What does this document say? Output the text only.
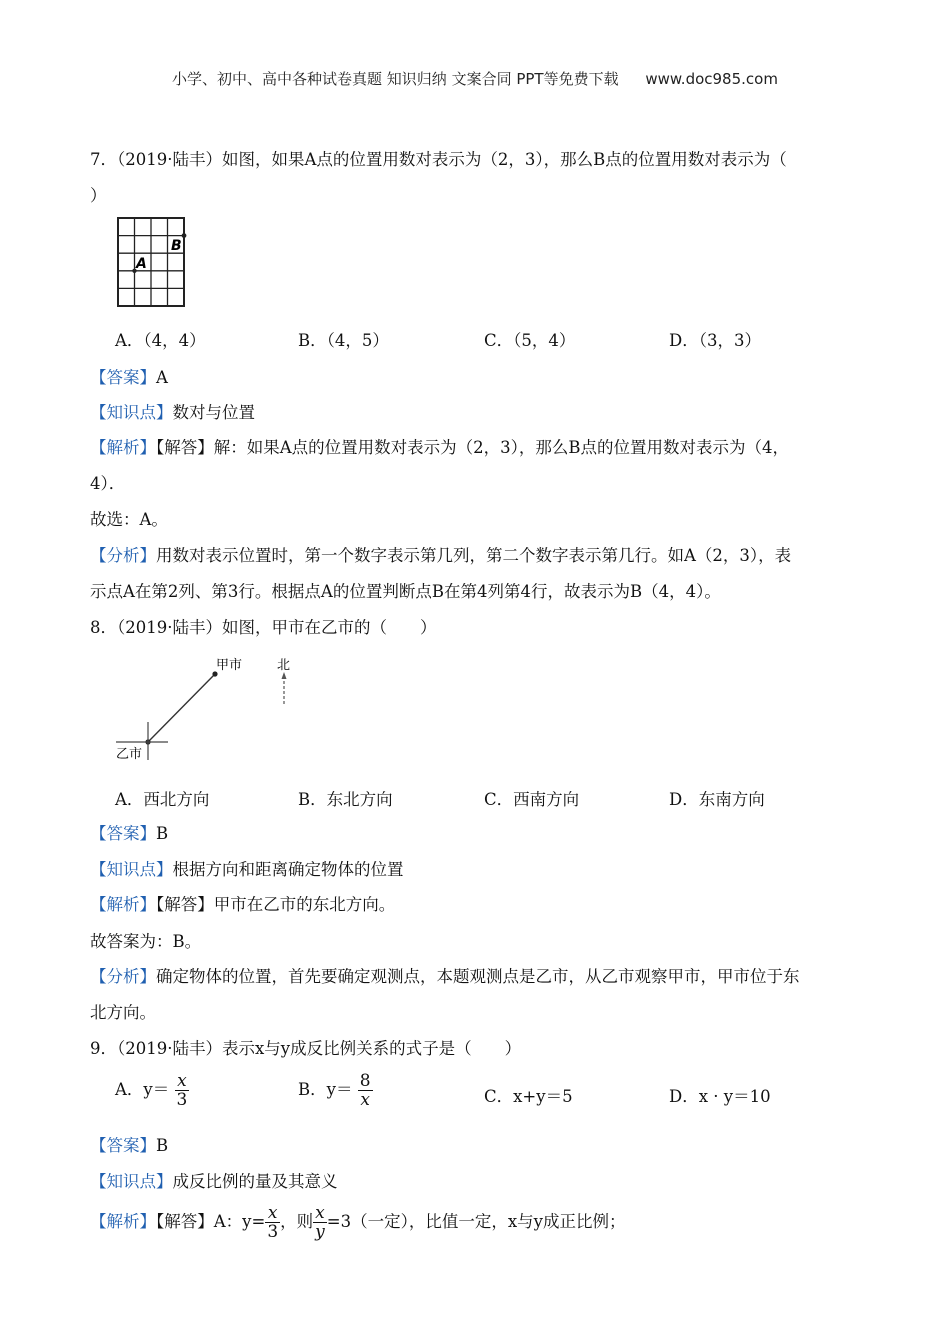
小学、初中、高中各种试卷真题 知识归纳 文案合同 PPT等免费下载 www.doc985.com
7．（2019·陆丰）如图，如果A点的位置用数对表示为（2，3），那么B点的位置用数对表示为（
）
A
B
A．（4，4）	B．（4，5）	C．（5，4）	D．（3，3）
【答案】A
【知识点】数对与位置
【解析】【解答】解：如果A点的位置用数对表示为（2，3），那么B点的位置用数对表示为（4，
4）．
故选：A。
【分析】用数对表示位置时，第一个数字表示第几列，第二个数字表示第几行。如A（2，3），表
示点A在第2列、第3行。根据点A的位置判断点B在第4列第4行，故表示为B（4，4）。
8．（2019·陆丰）如图，甲市在乙市的（　　）
甲市	北
乙市
A．西北方向	B．东北方向	C．西南方向	D．东南方向
【答案】B
【知识点】根据方向和距离确定物体的位置
【解析】【解答】甲市在乙市的东北方向。
故答案为：B。
【分析】确定物体的位置，首先要确定观测点，本题观测点是乙市，从乙市观察甲市，甲市位于东
北方向。
9．（2019·陆丰）表示x与y成反比例关系的式子是（　　）
A．$y= \frac{x}{3}$	B．$y= \frac{8}{x}$	C．x+y＝5	D．x · y＝10
【答案】B
【知识点】成反比例的量及其意义
【解析】【解答】A：$y= \frac{x}{3}$ ，则 $\frac{x}{y} =3$（一定），比值一定，x与y成正比例；
